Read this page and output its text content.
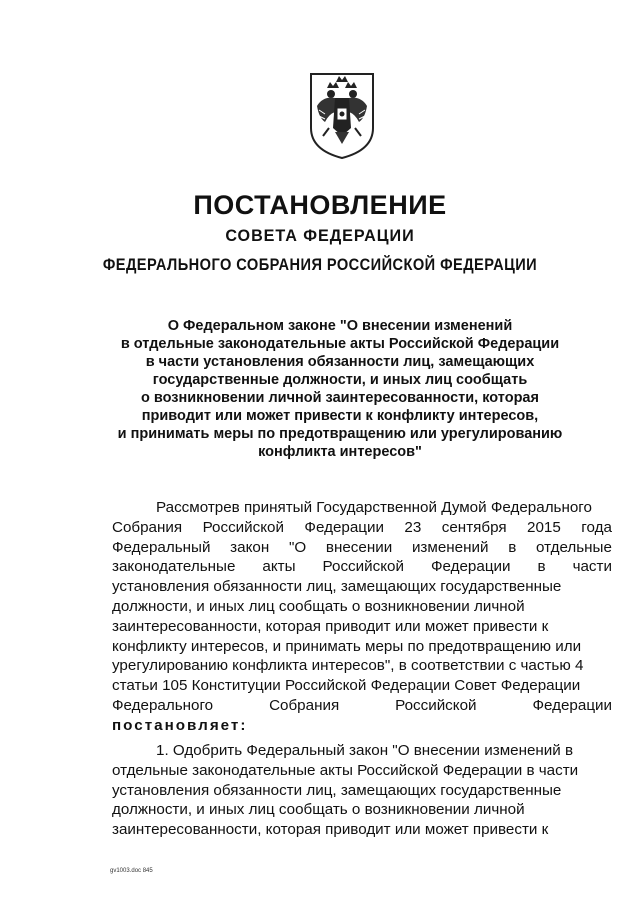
ПОСТАНОВЛЕНИЕ
СОВЕТА ФЕДЕРАЦИИ
ФЕДЕРАЛЬНОГО СОБРАНИЯ РОССИЙСКОЙ ФЕДЕРАЦИИ
О Федеральном законе "О внесении изменений
в отдельные законодательные акты Российской Федерации
в части установления обязанности лиц, замещающих
государственные должности, и иных лиц сообщать
о возникновении личной заинтересованности, которая
приводит или может привести к конфликту интересов,
и принимать меры по предотвращению или урегулированию
конфликта интересов"
Рассмотрев принятый Государственной Думой Федерального
Собрания Российской Федерации 23 сентября 2015 года
Федеральный закон "О внесении изменений в отдельные
законодательные акты Российской Федерации в части
установления обязанности лиц, замещающих государственные
должности, и иных лиц сообщать о возникновении личной
заинтересованности, которая приводит или может привести к
конфликту интересов, и принимать меры по предотвращению или
урегулированию конфликта интересов", в соответствии с частью 4
статьи 105 Конституции Российской Федерации Совет Федерации
Федерального	Собрания	Российской	Федерации
постановляет:
1. Одобрить Федеральный закон "О внесении изменений в
отдельные законодательные акты Российской Федерации в части
установления обязанности лиц, замещающих государственные
должности, и иных лиц сообщать о возникновении личной
заинтересованности, которая приводит или может привести к
gv1003.doc 845
